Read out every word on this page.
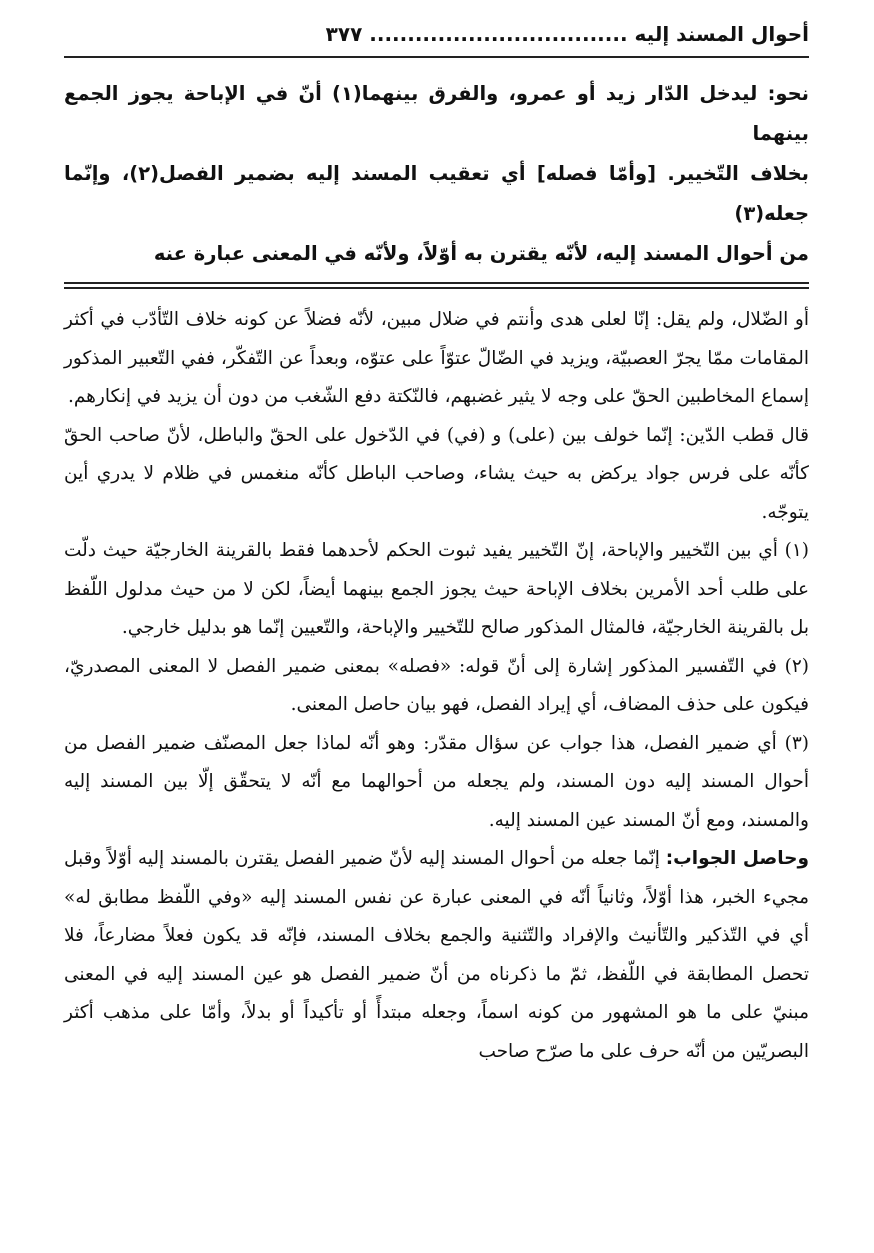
أحوال المسند إليه .................................. ٣٧٧

نحو: ليدخل الدّار زيد أو عمرو، والفرق بينهما(١) أنّ في الإباحة يجوز الجمع بينهما

بخلاف التّخيير. [وأمّا فصله] أي تعقيب المسند إليه بضمير الفصل(٢)، وإنّما جعله(٣)

من أحوال المسند إليه، لأنّه يقترن به أوّلاً، ولأنّه في المعنى عبارة عنه

أو الضّلال، ولم يقل: إنّا لعلى هدى وأنتم في ضلال مبين، لأنّه فضلاً عن كونه خلاف التّأدّب في أكثر المقامات ممّا يجرّ العصبيّة، ويزيد في الضّالّ عتوّاً على عتوّه، وبعداً عن التّفكّر، ففي التّعبير المذكور إسماع المخاطبين الحقّ على وجه لا يثير غضبهم، فالنّكتة دفع الشّغب من دون أن يزيد في إنكارهم.

قال قطب الدّين: إنّما خولف بين (على) و (في) في الدّخول على الحقّ والباطل، لأنّ صاحب الحقّ كأنّه على فرس جواد يركض به حيث يشاء، وصاحب الباطل كأنّه منغمس في ظلام لا يدري أين يتوجّه.

(١) أي بين التّخيير والإباحة، إنّ التّخيير يفيد ثبوت الحكم لأحدهما فقط بالقرينة الخارجيّة حيث دلّت على طلب أحد الأمرين بخلاف الإباحة حيث يجوز الجمع بينهما أيضاً، لكن لا من حيث مدلول اللّفظ بل بالقرينة الخارجيّة، فالمثال المذكور صالح للتّخيير والإباحة، والتّعيين إنّما هو بدليل خارجي.

(٢) في التّفسير المذكور إشارة إلى أنّ قوله: «فصله» بمعنى ضمير الفصل لا المعنى المصدريّ، فيكون على حذف المضاف، أي إيراد الفصل، فهو بيان حاصل المعنى.

(٣) أي ضمير الفصل، هذا جواب عن سؤال مقدّر: وهو أنّه لماذا جعل المصنّف ضمير الفصل من أحوال المسند إليه دون المسند، ولم يجعله من أحوالهما مع أنّه لا يتحقّق إلّا بين المسند إليه والمسند، ومع أنّ المسند عين المسند إليه.

وحاصل الجواب: إنّما جعله من أحوال المسند إليه لأنّ ضمير الفصل يقترن بالمسند إليه أوّلاً وقبل مجيء الخبر، هذا أوّلاً، وثانياً أنّه في المعنى عبارة عن نفس المسند إليه «وفي اللّفظ مطابق له» أي في التّذكير والتّأنيث والإفراد والتّثنية والجمع بخلاف المسند، فإنّه قد يكون فعلاً مضارعاً، فلا تحصل المطابقة في اللّفظ، ثمّ ما ذكرناه من أنّ ضمير الفصل هو عين المسند إليه في المعنى مبنيّ على ما هو المشهور من كونه اسماً، وجعله مبتدأً أو تأكيداً أو بدلاً، وأمّا على مذهب أكثر البصريّين من أنّه حرف على ما صرّح صاحب
